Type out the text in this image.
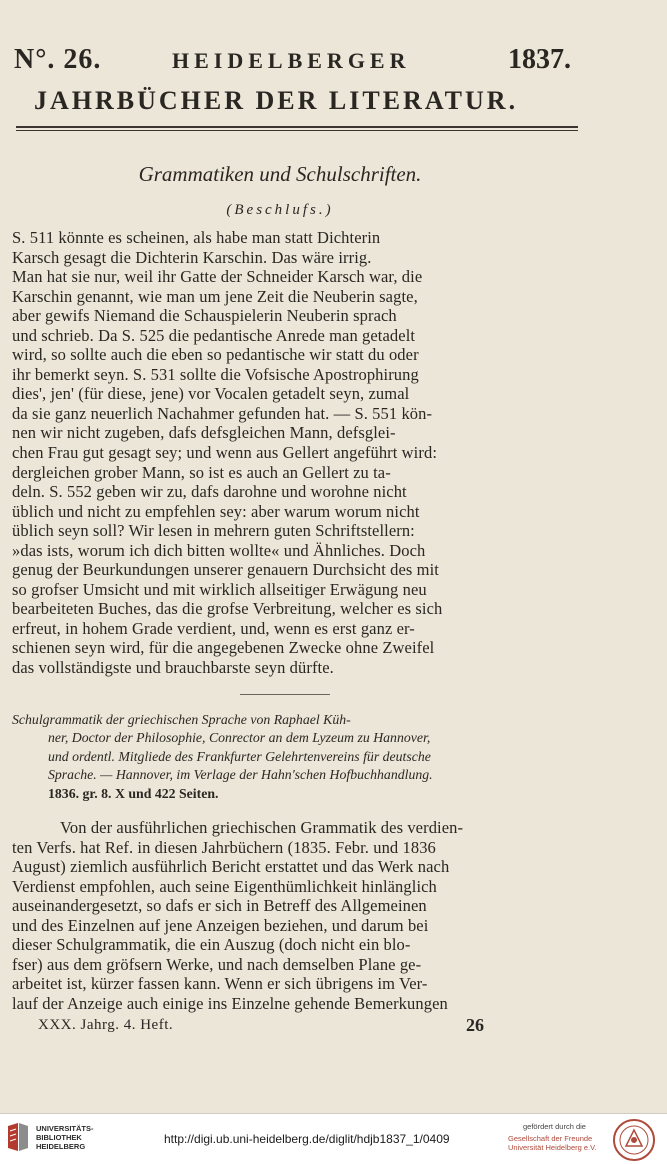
N°. 26.	HEIDELBERGER	1837.
JAHRBÜCHER DER LITERATUR.
Grammatiken und Schulschriften.
(Beschlufs.)
S. 511 könnte es scheinen, als habe man statt Dichterin
Karsch gesagt die Dichterin Karschin. Das wäre irrig.
Man hat sie nur, weil ihr Gatte der Schneider Karsch war, die
Karschin genannt, wie man um jene Zeit die Neuberin sagte,
aber gewifs Niemand die Schauspielerin Neuberin sprach
und schrieb. Da S. 525 die pedantische Anrede man getadelt
wird, so sollte auch die eben so pedantische wir statt du oder
ihr bemerkt seyn. S. 531 sollte die Vofsische Apostrophirung
dies', jen' (für diese, jene) vor Vocalen getadelt seyn, zumal
da sie ganz neuerlich Nachahmer gefunden hat. — S. 551 kön-
nen wir nicht zugeben, dafs defsgleichen Mann, defsglei-
chen Frau gut gesagt sey; und wenn aus Gellert angeführt wird:
dergleichen grober Mann, so ist es auch an Gellert zu ta-
deln. S. 552 geben wir zu, dafs darohne und worohne nicht
üblich und nicht zu empfehlen sey: aber warum worum nicht
üblich seyn soll? Wir lesen in mehrern guten Schriftstellern:
»das ists, worum ich dich bitten wollte« und Ähnliches. Doch
genug der Beurkundungen unserer genauern Durchsicht des mit
so grofser Umsicht und mit wirklich allseitiger Erwägung neu
bearbeiteten Buches, das die grofse Verbreitung, welcher es sich
erfreut, in hohem Grade verdient, und, wenn es erst ganz er-
schienen seyn wird, für die angegebenen Zwecke ohne Zweifel
das vollständigste und brauchbarste seyn dürfte.
Schulgrammatik der griechischen Sprache von Raphael Küh-
ner, Doctor der Philosophie, Conrector an dem Lyzeum zu Hannover,
und ordentl. Mitgliede des Frankfurter Gelehrtenvereins für deutsche
Sprache. — Hannover, im Verlage der Hahn'schen Hofbuchhandlung.
1836. gr. 8. X und 422 Seiten.
Von der ausführlichen griechischen Grammatik des verdien-
ten Verfs. hat Ref. in diesen Jahrbüchern (1835. Febr. und 1836
August) ziemlich ausführlich Bericht erstattet und das Werk nach
Verdienst empfohlen, auch seine Eigenthümlichkeit hinlänglich
auseinandergesetzt, so dafs er sich in Betreff des Allgemeinen
und des Einzelnen auf jene Anzeigen beziehen, und darum bei
dieser Schulgrammatik, die ein Auszug (doch nicht ein blo-
fser) aus dem gröfsern Werke, und nach demselben Plane ge-
arbeitet ist, kürzer fassen kann. Wenn er sich übrigens im Ver-
lauf der Anzeige auch einige ins Einzelne gehende Bemerkungen
XXX. Jahrg. 4. Heft.	26
UNIVERSITÄTS-
BIBLIOTHEK
HEIDELBERG
http://digi.ub.uni-heidelberg.de/diglit/hdjb1837_1/0409
gefördert durch die
Gesellschaft der Freunde
Universität Heidelberg e.V.
